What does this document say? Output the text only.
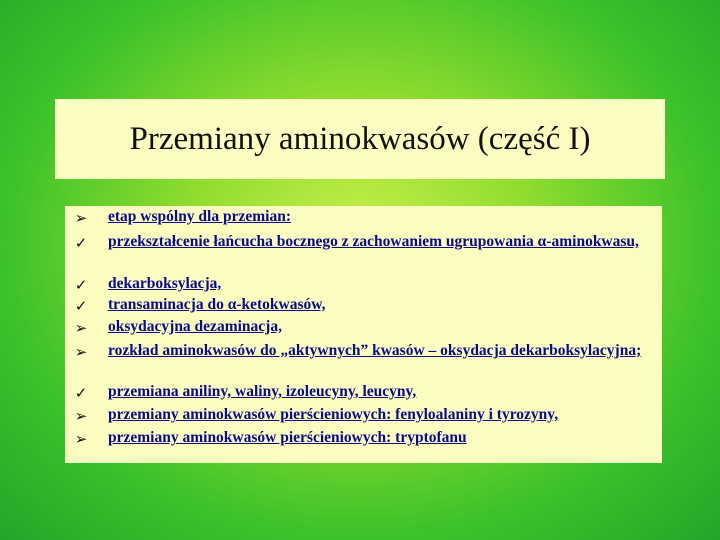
Przemiany aminokwasów (część I)
➢ etap wspólny dla przemian:
✓ przekształcenie łańcucha bocznego z zachowaniem ugrupowania α-aminokwasu,
✓ dekarboksylacja,
✓ transaminacja do α-ketokwasów,
➢ oksydacyjna dezaminacja,
➢ rozkład aminokwasów do „aktywnych” kwasów – oksydacja dekarboksylacyjna;
✓ przemiana aniliny, waliny, izoleucyny, leucyny,
➢ przemiany aminokwasów pierścieniowych: fenyloalaniny i tyrozyny,
➢ przemiany aminokwasów pierścieniowych: tryptofanu
